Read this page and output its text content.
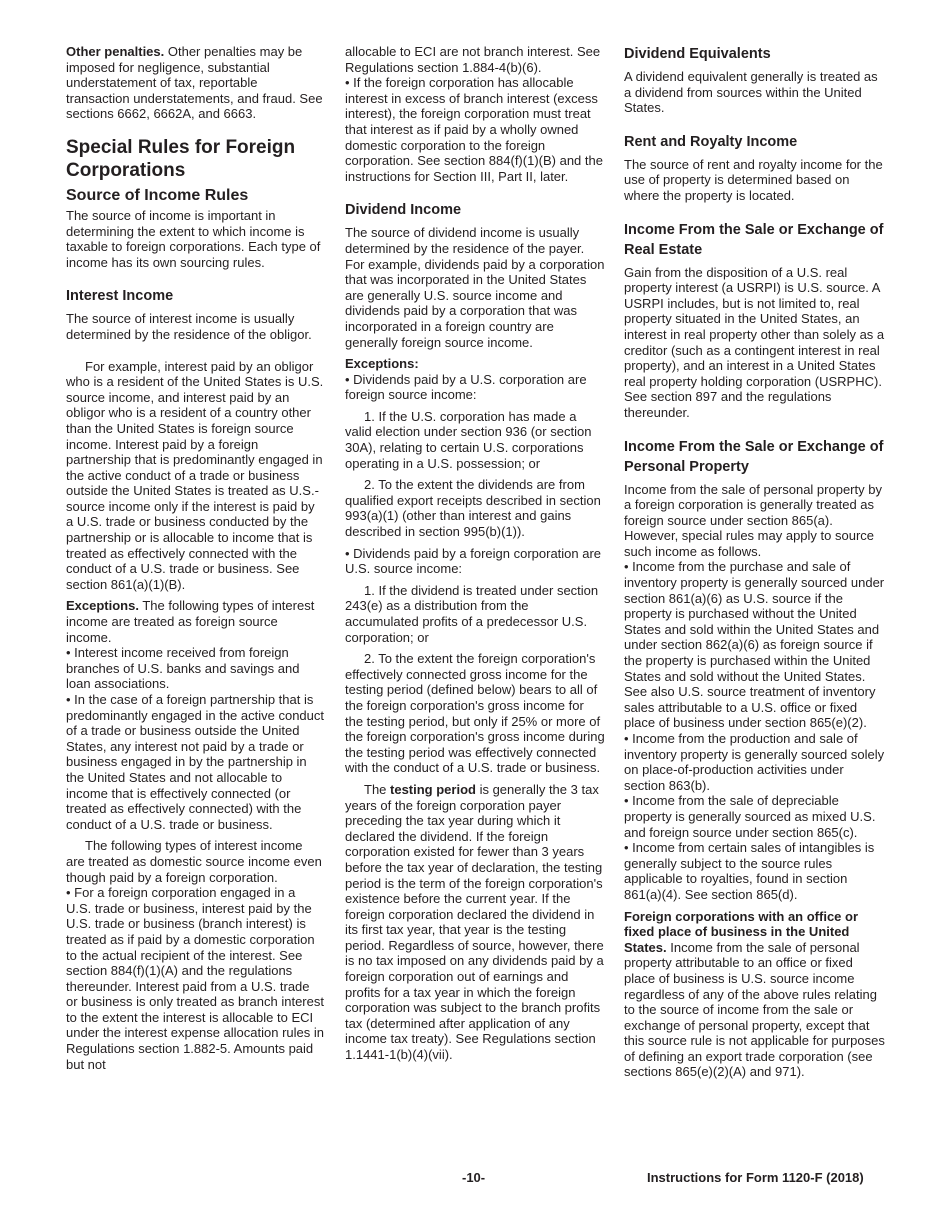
Other penalties. Other penalties may be imposed for negligence, substantial understatement of tax, reportable transaction understatements, and fraud. See sections 6662, 6662A, and 6663.

Special Rules for Foreign Corporations
Source of Income Rules

The source of income is important in determining the extent to which income is taxable to foreign corporations. Each type of income has its own sourcing rules.

Interest Income

The source of interest income is usually determined by the residence of the obligor.

For example, interest paid by an obligor who is a resident of the United States is U.S. source income, and interest paid by an obligor who is a resident of a country other than the United States is foreign source income. Interest paid by a foreign partnership that is predominantly engaged in the active conduct of a trade or business outside the United States is treated as U.S.-source income only if the interest is paid by a U.S. trade or business conducted by the partnership or is allocable to income that is treated as effectively connected with the conduct of a U.S. trade or business. See section 861(a)(1)(B).

Exceptions. The following types of interest income are treated as foreign source income.

• Interest income received from foreign branches of U.S. banks and savings and loan associations.

• In the case of a foreign partnership that is predominantly engaged in the active conduct of a trade or business outside the United States, any interest not paid by a trade or business engaged in by the partnership in the United States and not allocable to income that is effectively connected (or treated as effectively connected) with the conduct of a U.S. trade or business.

The following types of interest income are treated as domestic source income even though paid by a foreign corporation.

• For a foreign corporation engaged in a U.S. trade or business, interest paid by the U.S. trade or business (branch interest) is treated as if paid by a domestic corporation to the actual recipient of the interest. See section 884(f)(1)(A) and the regulations thereunder. Interest paid from a U.S. trade or business is only treated as branch interest to the extent the interest is allocable to ECI under the interest expense allocation rules in Regulations section 1.882-5. Amounts paid but not

allocable to ECI are not branch interest. See Regulations section 1.884-4(b)(6).

• If the foreign corporation has allocable interest in excess of branch interest (excess interest), the foreign corporation must treat that interest as if paid by a wholly owned domestic corporation to the foreign corporation. See section 884(f)(1)(B) and the instructions for Section III, Part II, later.

Dividend Income

The source of dividend income is usually determined by the residence of the payer. For example, dividends paid by a corporation that was incorporated in the United States are generally U.S. source income and dividends paid by a corporation that was incorporated in a foreign country are generally foreign source income.

Exceptions:

• Dividends paid by a U.S. corporation are foreign source income:

1. If the U.S. corporation has made a valid election under section 936 (or section 30A), relating to certain U.S. corporations operating in a U.S. possession; or

2. To the extent the dividends are from qualified export receipts described in section 993(a)(1) (other than interest and gains described in section 995(b)(1)).

• Dividends paid by a foreign corporation are U.S. source income:

1. If the dividend is treated under section 243(e) as a distribution from the accumulated profits of a predecessor U.S. corporation; or

2. To the extent the foreign corporation's effectively connected gross income for the testing period (defined below) bears to all of the foreign corporation's gross income for the testing period, but only if 25% or more of the foreign corporation's gross income during the testing period was effectively connected with the conduct of a U.S. trade or business.

The testing period is generally the 3 tax years of the foreign corporation payer preceding the tax year during which it declared the dividend. If the foreign corporation existed for fewer than 3 years before the tax year of declaration, the testing period is the term of the foreign corporation's existence before the current year. If the foreign corporation declared the dividend in its first tax year, that year is the testing period. Regardless of source, however, there is no tax imposed on any dividends paid by a foreign corporation out of earnings and profits for a tax year in which the foreign corporation was subject to the branch profits tax (determined after application of any income tax treaty). See Regulations section 1.1441-1(b)(4)(vii).

Dividend Equivalents

A dividend equivalent generally is treated as a dividend from sources within the United States.

Rent and Royalty Income

The source of rent and royalty income for the use of property is determined based on where the property is located.

Income From the Sale or Exchange of Real Estate

Gain from the disposition of a U.S. real property interest (a USRPI) is U.S. source. A USRPI includes, but is not limited to, real property situated in the United States, an interest in real property other than solely as a creditor (such as a contingent interest in real property), and an interest in a United States real property holding corporation (USRPHC). See section 897 and the regulations thereunder.

Income From the Sale or Exchange of Personal Property

Income from the sale of personal property by a foreign corporation is generally treated as foreign source under section 865(a). However, special rules may apply to source such income as follows.

• Income from the purchase and sale of inventory property is generally sourced under section 861(a)(6) as U.S. source if the property is purchased without the United States and sold within the United States and under section 862(a)(6) as foreign source if the property is purchased within the United States and sold without the United States. See also U.S. source treatment of inventory sales attributable to a U.S. office or fixed place of business under section 865(e)(2).

• Income from the production and sale of inventory property is generally sourced solely on place-of-production activities under section 863(b).

• Income from the sale of depreciable property is generally sourced as mixed U.S. and foreign source under section 865(c).

• Income from certain sales of intangibles is generally subject to the source rules applicable to royalties, found in section 861(a)(4). See section 865(d).

Foreign corporations with an office or fixed place of business in the United States. Income from the sale of personal property attributable to an office or fixed place of business is U.S. source income regardless of any of the above rules relating to the source of income from the sale or exchange of personal property, except that this source rule is not applicable for purposes of defining an export trade corporation (see sections 865(e)(2)(A) and 971).

-10-	Instructions for Form 1120-F (2018)
